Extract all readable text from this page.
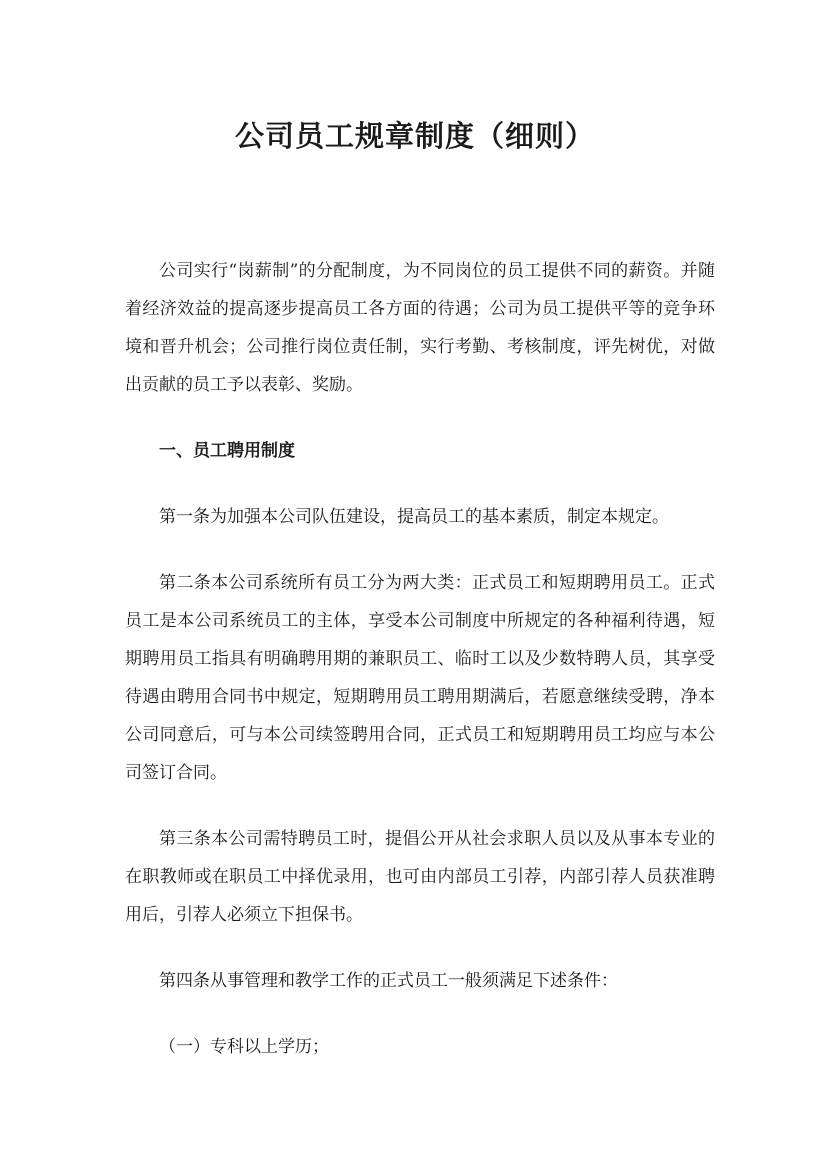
公司员工规章制度（细则）

公司实行“岗薪制”的分配制度，为不同岗位的员工提供不同的薪资。并随着经济效益的提高逐步提高员工各方面的待遇；公司为员工提供平等的竞争环境和晋升机会；公司推行岗位责任制，实行考勤、考核制度，评先树优，对做出贡献的员工予以表彰、奖励。

一、员工聘用制度

第一条为加强本公司队伍建设，提高员工的基本素质，制定本规定。

第二条本公司系统所有员工分为两大类：正式员工和短期聘用员工。正式员工是本公司系统员工的主体，享受本公司制度中所规定的各种福利待遇，短期聘用员工指具有明确聘用期的兼职员工、临时工以及少数特聘人员，其享受待遇由聘用合同书中规定，短期聘用员工聘用期满后，若愿意继续受聘，净本公司同意后，可与本公司续签聘用合同，正式员工和短期聘用员工均应与本公司签订合同。

第三条本公司需特聘员工时，提倡公开从社会求职人员以及从事本专业的在职教师或在职员工中择优录用，也可由内部员工引荐，内部引荐人员获准聘用后，引荐人必须立下担保书。

第四条从事管理和教学工作的正式员工一般须满足下述条件：

（一）专科以上学历；
